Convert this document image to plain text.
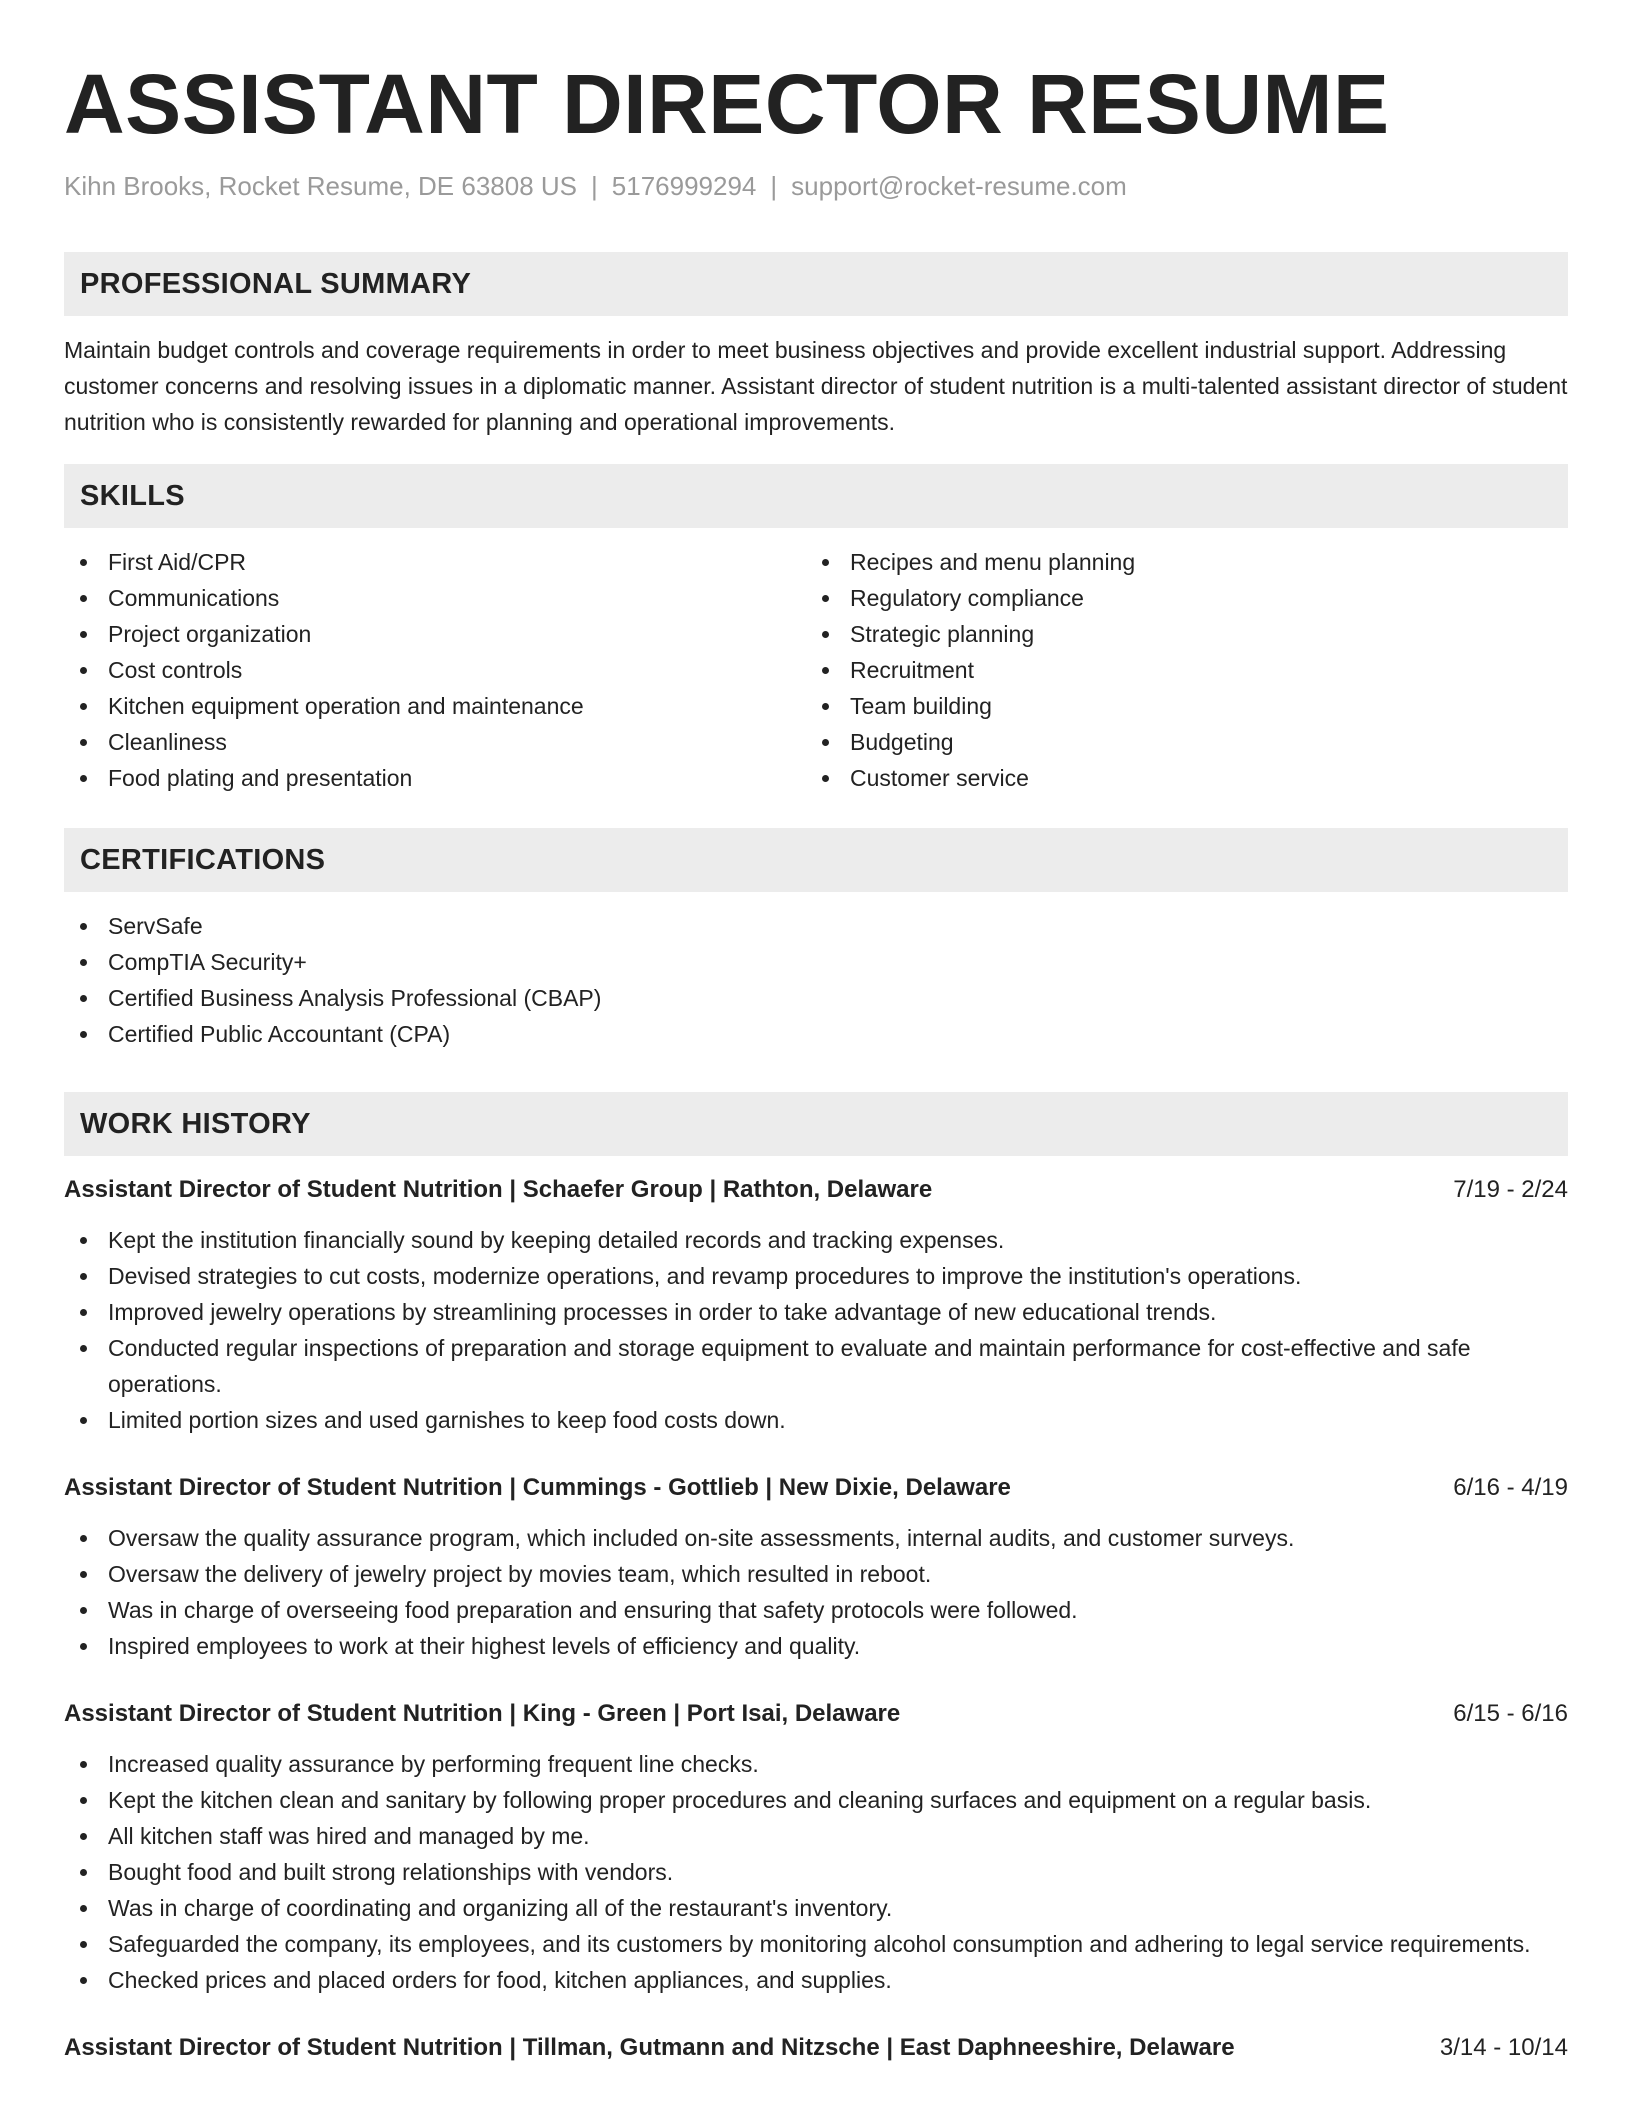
ASSISTANT DIRECTOR RESUME
Kihn Brooks, Rocket Resume, DE 63808 US | 5176999294 | support@rocket-resume.com
PROFESSIONAL SUMMARY

Maintain budget controls and coverage requirements in order to meet business objectives and provide excellent industrial support. Addressing customer concerns and resolving issues in a diplomatic manner. Assistant director of student nutrition is a multi-talented assistant director of student nutrition who is consistently rewarded for planning and operational improvements.

SKILLS
First Aid/CPR
Communications
Project organization
Cost controls
Kitchen equipment operation and maintenance
Cleanliness
Food plating and presentation
Recipes and menu planning
Regulatory compliance
Strategic planning
Recruitment
Team building
Budgeting
Customer service
CERTIFICATIONS
ServSafe
CompTIA Security+
Certified Business Analysis Professional (CBAP)
Certified Public Accountant (CPA)
WORK HISTORY
Assistant Director of Student Nutrition | Schaefer Group | Rathton, Delaware	7/19 - 2/24
Kept the institution financially sound by keeping detailed records and tracking expenses.
Devised strategies to cut costs, modernize operations, and revamp procedures to improve the institution's operations.
Improved jewelry operations by streamlining processes in order to take advantage of new educational trends.
Conducted regular inspections of preparation and storage equipment to evaluate and maintain performance for cost-effective and safe operations.
Limited portion sizes and used garnishes to keep food costs down.
Assistant Director of Student Nutrition | Cummings - Gottlieb | New Dixie, Delaware	6/16 - 4/19
Oversaw the quality assurance program, which included on-site assessments, internal audits, and customer surveys.
Oversaw the delivery of jewelry project by movies team, which resulted in reboot.
Was in charge of overseeing food preparation and ensuring that safety protocols were followed.
Inspired employees to work at their highest levels of efficiency and quality.
Assistant Director of Student Nutrition | King - Green | Port Isai, Delaware	6/15 - 6/16
Increased quality assurance by performing frequent line checks.
Kept the kitchen clean and sanitary by following proper procedures and cleaning surfaces and equipment on a regular basis.
All kitchen staff was hired and managed by me.
Bought food and built strong relationships with vendors.
Was in charge of coordinating and organizing all of the restaurant's inventory.
Safeguarded the company, its employees, and its customers by monitoring alcohol consumption and adhering to legal service requirements.
Checked prices and placed orders for food, kitchen appliances, and supplies.
Assistant Director of Student Nutrition | Tillman, Gutmann and Nitzsche | East Daphneeshire, Delaware	3/14 - 10/14
